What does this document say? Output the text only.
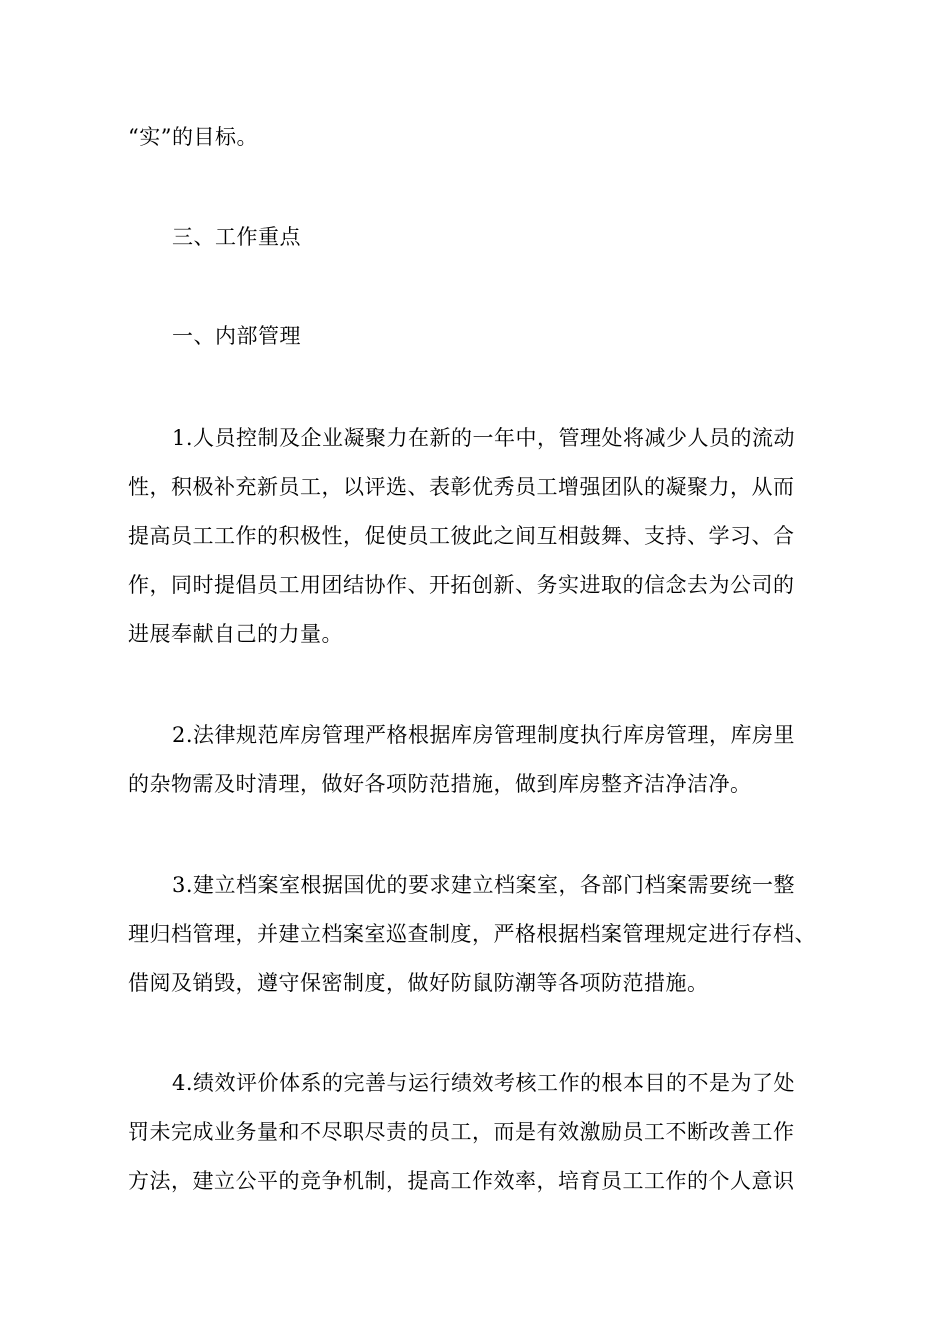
“实”的目标。
三、工作重点
一、内部管理
1.人员控制及企业凝聚力在新的一年中，管理处将减少人员的流动
性，积极补充新员工，以评选、表彰优秀员工增强团队的凝聚力，从而
提高员工工作的积极性，促使员工彼此之间互相鼓舞、支持、学习、合
作，同时提倡员工用团结协作、开拓创新、务实进取的信念去为公司的
进展奉献自己的力量。
2.法律规范库房管理严格根据库房管理制度执行库房管理，库房里
的杂物需及时清理，做好各项防范措施，做到库房整齐洁净洁净。
3.建立档案室根据国优的要求建立档案室，各部门档案需要统一整
理归档管理，并建立档案室巡查制度，严格根据档案管理规定进行存档、
借阅及销毁，遵守保密制度，做好防鼠防潮等各项防范措施。
4.绩效评价体系的完善与运行绩效考核工作的根本目的不是为了处
罚未完成业务量和不尽职尽责的员工，而是有效激励员工不断改善工作
方法，建立公平的竞争机制，提高工作效率，培育员工工作的个人意识
